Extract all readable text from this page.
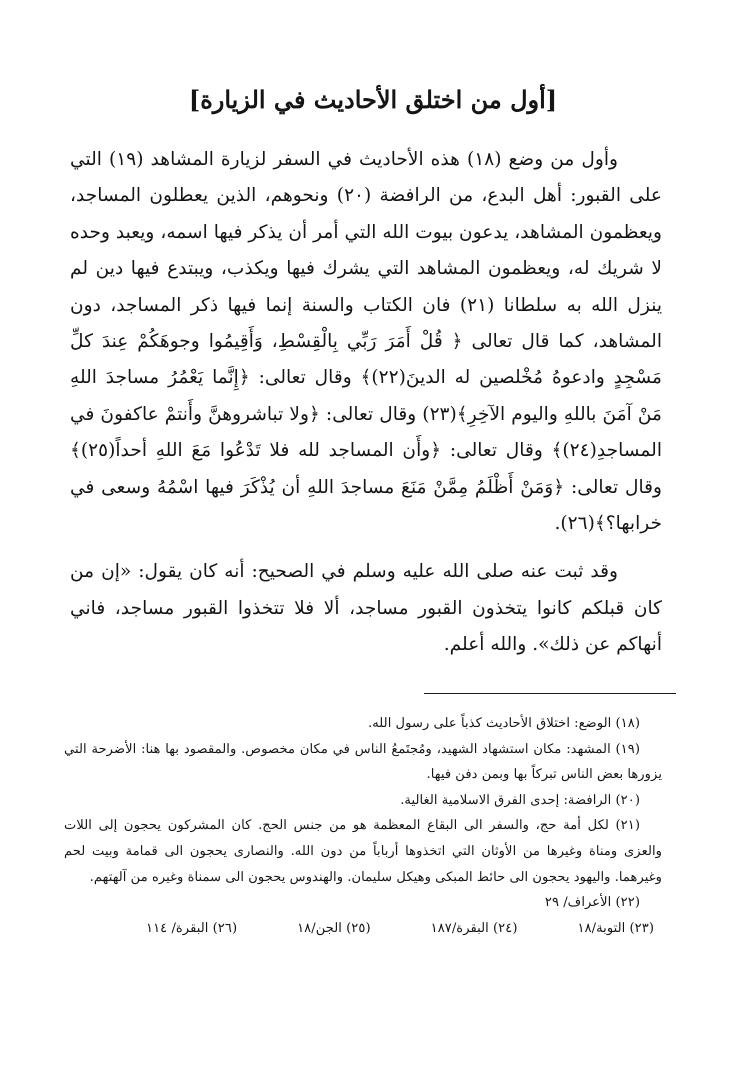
[أول من اختلق الأحاديث في الزيارة]

وأول من وضع (١٨) هذه الأحاديث في السفر لزيارة المشاهد (١٩) التي على القبور: أهل البدع، من الرافضة (٢٠) ونحوهم، الذين يعطلون المساجد، ويعظمون المشاهد، يدعون بيوت الله التي أمر أن يذكر فيها اسمه، ويعبد وحده لا شريك له، ويعظمون المشاهد التي يشرك فيها ويكذب، ويبتدع فيها دين لم ينزل الله به سلطانا (٢١) فان الكتاب والسنة إنما فيها ذكر المساجد، دون المشاهد، كما قال تعالى ﴿ قُلْ أَمَرَ رَبِّي بِالْقِسْطِ، وَأَقِيمُوا وجوهَكُمْ عِندَ كلِّ مَسْجِدٍ وادعوهُ مُخْلصين له الدينَ(٢٢)﴾ وقال تعالى: ﴿إِنَّما يَعْمُرُ مساجدَ اللهِ مَنْ آمَنَ باللهِ واليوم الآخِرِ﴾(٢٣) وقال تعالى: ﴿ولا تباشروهنَّ وأَنتمْ عاكفونَ في المساجدِ(٢٤)﴾ وقال تعالى: ﴿وأَن المساجد لله فلا تَدْعُوا مَعَ اللهِ أحداً(٢٥)﴾ وقال تعالى: ﴿وَمَنْ أَظْلَمُ مِمَّنْ مَنَعَ مساجدَ اللهِ أن يُذْكَرَ فيها اسْمُهُ وسعى في خرابها؟﴾(٢٦).

وقد ثبت عنه صلى الله عليه وسلم في الصحيح: أنه كان يقول: «إن من كان قبلكم كانوا يتخذون القبور مساجد، ألا فلا تتخذوا القبور مساجد، فاني أنهاكم عن ذلك». والله أعلم.

(١٨) الوضع: اختلاق الأحاديث كذباً على رسول الله.

(١٩) المشهد: مكان استشهاد الشهيد، ومُجتَمعُ الناس في مكان مخصوص. والمقصود بها هنا: الأضرحة التي يزورها بعض الناس تبركاً بها وبمن دفن فيها.

(٢٠) الرافضة: إحدى الفرق الاسلامية الغالية.

(٢١) لكل أمة حج، والسفر الى البقاع المعظمة هو من جنس الحج. كان المشركون يحجون إلى اللات والعزى ومناة وغيرها من الأوثان التي اتخذوها أرباباً من دون الله. والنصارى يحجون الى قمامة وبيت لحم وغيرهما. واليهود يحجون الى حائط المبكى وهيكل سليمان. والهندوس يحجون الى سمناة وغيره من آلهتهم.

(٢٢) الأعراف/ ٢٩

(٢٣) التوبة/١٨
(٢٤) البقرة/١٨٧
(٢٥) الجن/١٨
(٢٦) البقرة/ ١١٤
